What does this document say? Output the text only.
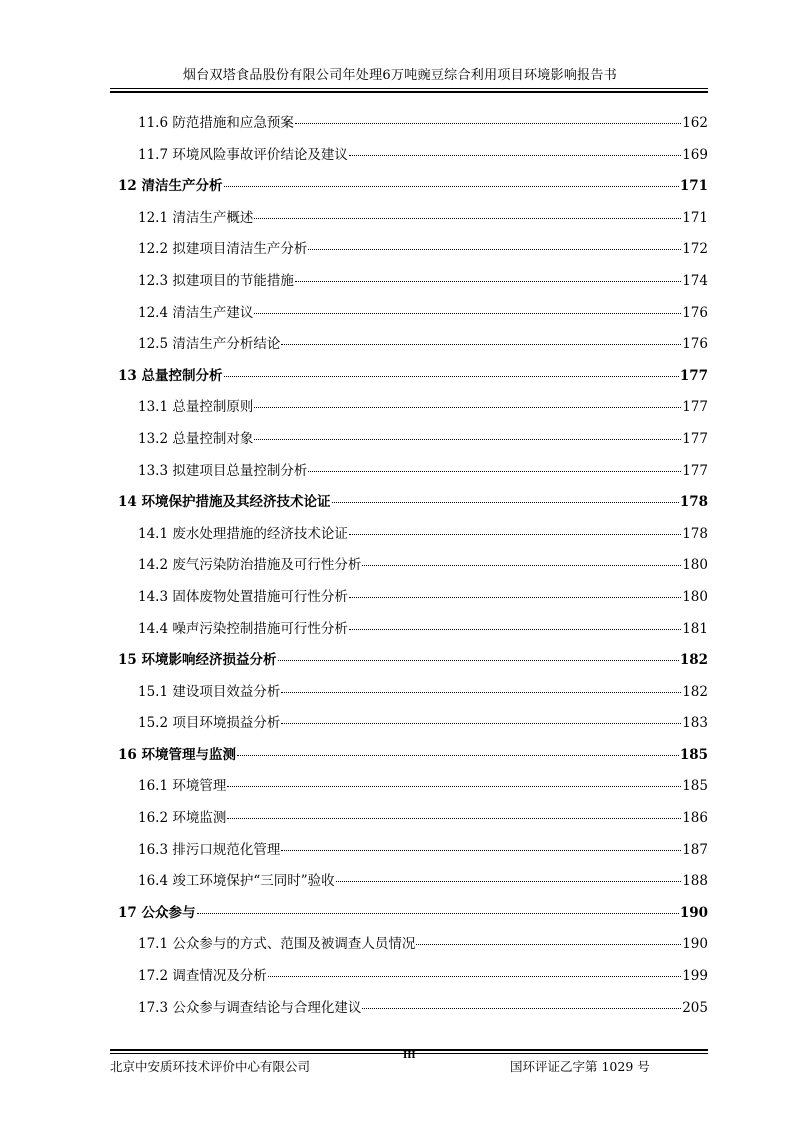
烟台双塔食品股份有限公司年处理6万吨豌豆综合利用项目环境影响报告书
11.6 防范措施和应急预案	162
11.7 环境风险事故评价结论及建议	169
12 清洁生产分析	171
12.1 清洁生产概述	171
12.2 拟建项目清洁生产分析	172
12.3 拟建项目的节能措施	174
12.4 清洁生产建议	176
12.5 清洁生产分析结论	176
13 总量控制分析	177
13.1 总量控制原则	177
13.2 总量控制对象	177
13.3 拟建项目总量控制分析	177
14 环境保护措施及其经济技术论证	178
14.1 废水处理措施的经济技术论证	178
14.2 废气污染防治措施及可行性分析	180
14.3 固体废物处置措施可行性分析	180
14.4 噪声污染控制措施可行性分析	181
15 环境影响经济损益分析	182
15.1 建设项目效益分析	182
15.2 项目环境损益分析	183
16 环境管理与监测	185
16.1 环境管理	185
16.2 环境监测	186
16.3 排污口规范化管理	187
16.4 竣工环境保护“三同时”验收	188
17 公众参与	190
17.1 公众参与的方式、范围及被调查人员情况	190
17.2 调查情况及分析	199
17.3 公众参与调查结论与合理化建议	205
北京中安质环技术评价中心有限公司
III
国环评证乙字第 1029 号
